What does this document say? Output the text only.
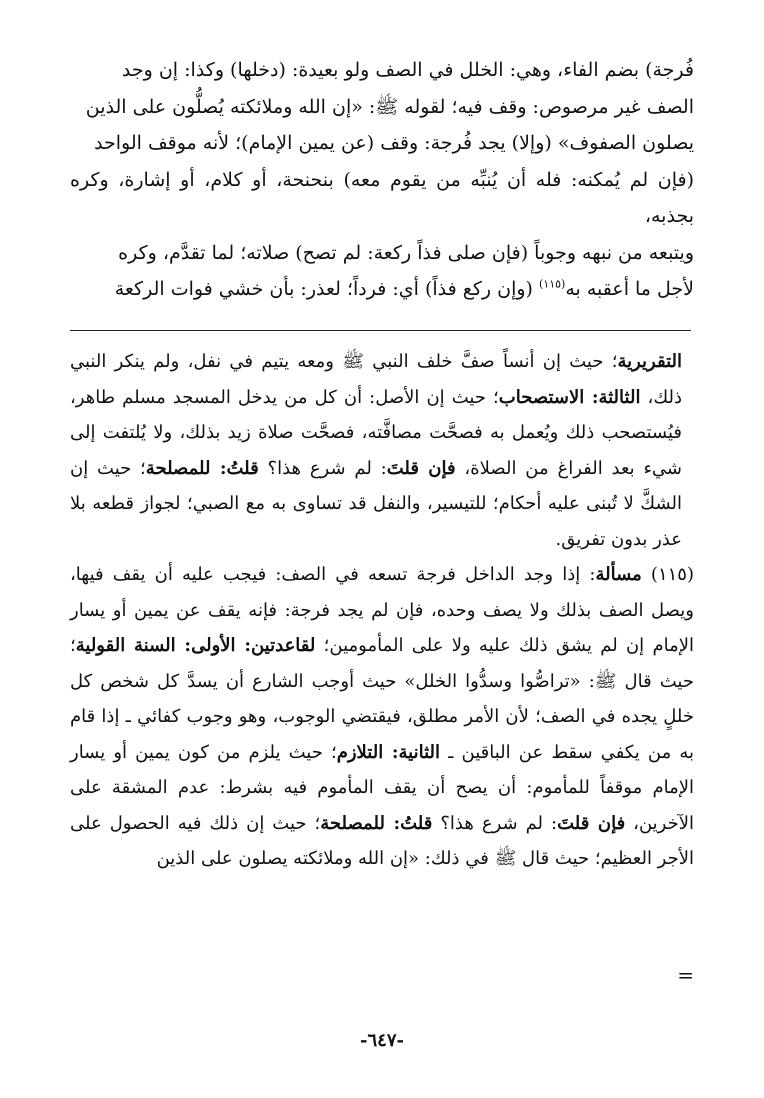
فُرجة) بضم الفاء، وهي: الخلل في الصف ولو بعيدة: (دخلها) وكذا: إن وجد

الصف غير مرصوص: وقف فيه؛ لقوله ﷺ: «إن الله وملائكته يُصلُّون على الذين

يصلون الصفوف» (وإلا) يجد فُرجة: وقف (عن يمين الإمام)؛ لأنه موقف الواحد

(فإن لم يُمكنه: فله أن يُنبِّه من يقوم معه) بنحنحة، أو كلام، أو إشارة، وكره بجذبه،

ويتبعه من نبهه وجوباً (فإن صلى فذاً ركعة: لم تصح) صلاته؛ لما تقدَّم، وكره

لأجل ما أعقبه به$^{(١١٥)}$ (وإن ركع فذاً) أي: فرداً؛ لعذر: بأن خشي فوات الركعة

التقريرية؛ حيث إن أنساً صفَّ خلف النبي ﷺ ومعه يتيم في نفل، ولم ينكر النبي ذلك، الثالثة: الاستصحاب؛ حيث إن الأصل: أن كل من يدخل المسجد مسلم طاهر، فيُستصحب ذلك ويُعمل به فصحَّت مصافَّته، فصحَّت صلاة زيد بذلك، ولا يُلتفت إلى شيء بعد الفراغ من الصلاة، فإن قلتَ: لم شرع هذا؟ قلتُ: للمصلحة؛ حيث إن الشكَّ لا تُبنى عليه أحكام؛ للتيسير، والنفل قد تساوى به مع الصبي؛ لجواز قطعه بلا عذر بدون تفريق.

(١١٥) مسألة: إذا وجد الداخل فرجة تسعه في الصف: فيجب عليه أن يقف فيها، ويصل الصف بذلك ولا يصف وحده، فإن لم يجد فرجة: فإنه يقف عن يمين أو يسار الإمام إن لم يشق ذلك عليه ولا على المأمومين؛ لقاعدتين: الأولى: السنة القولية؛ حيث قال ﷺ: «تراصُّوا وسدُّوا الخلل» حيث أوجب الشارع أن يسدَّ كل شخص كل خللٍ يجده في الصف؛ لأن الأمر مطلق، فيقتضي الوجوب، وهو وجوب كفائي ـ إذا قام به من يكفي سقط عن الباقين ـ الثانية: التلازم؛ حيث يلزم من كون يمين أو يسار الإمام موقفاً للمأموم: أن يصح أن يقف المأموم فيه بشرط: عدم المشقة على الآخرين، فإن قلتَ: لم شرع هذا؟ قلتُ: للمصلحة؛ حيث إن ذلك فيه الحصول على الأجر العظيم؛ حيث قال ﷺ في ذلك: «إن الله وملائكته يصلون على الذين

=
-٦٤٧-
